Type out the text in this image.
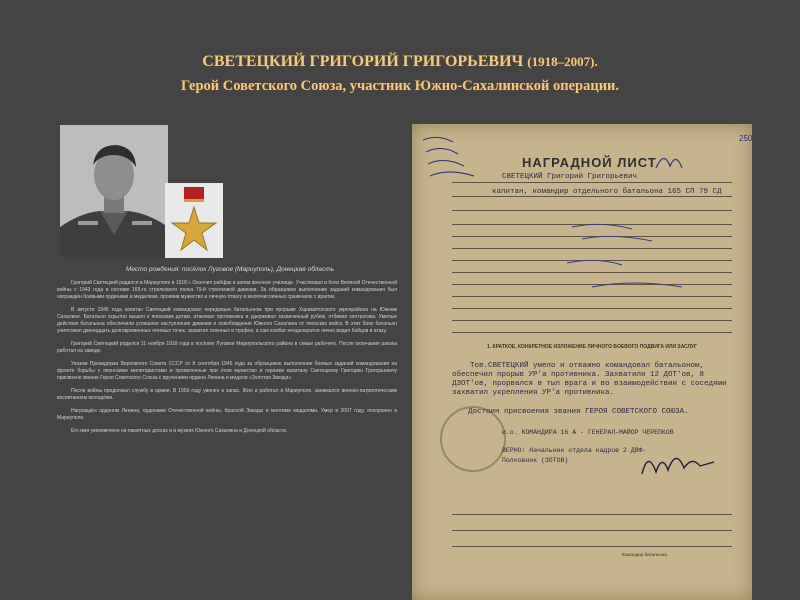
СВЕТЕЦКИЙ ГРИГОРИЙ ГРИГОРЬЕВИЧ (1918–2007).
Герой Советского Союза, участник Южно‑Сахалинской операции.
Место рождения: посёлок Луговое (Мариуполь), Донецкая область

Григорий Светецкий родился в Мариуполе в 1918 г. Окончил рабфак и затем военное училище. Участвовал в боях Великой Отечественной войны с 1943 года в составе 165-го стрелкового полка 79-й стрелковой дивизии. За образцовое выполнение заданий командования был награждён боевыми орденами и медалями, проявив мужество и личную отвагу в многочисленных сражениях с врагом.

В августе 1945 года капитан Светецкий командовал передовым батальоном при прорыве Харамитогского укрепрайона на Южном Сахалине. Батальон скрытно вышел к японским дотам, атаковал противника и удерживал захваченный рубеж, отбивая контратаки. Умелые действия батальона обеспечили успешное наступление дивизии и освобождение Южного Сахалина от японских войск. В этих боях батальон уничтожил двенадцать долговременных огневых точек, захватил пленных и трофеи, а сам комбат неоднократно лично водил бойцов в атаку.

Григорий Светецкий родился 11 ноября 1918 года в посёлке Луговое Мариупольского района в семье рабочего. После окончания школы работал на заводе.

Указом Президиума Верховного Совета СССР от 8 сентября 1945 года за образцовое выполнение боевых заданий командования на фронте борьбы с японскими милитаристами и проявленные при этом мужество и героизм капитану Светецкому Григорию Григорьевичу присвоено звание Героя Советского Союза с вручением ордена Ленина и медали «Золотая Звезда».

После войны продолжал службу в армии. В 1956 году уволен в запас. Жил и работал в Мариуполе, занимался военно-патриотическим воспитанием молодёжи.

Награждён орденом Ленина, орденами Отечественной войны, Красной Звезды и многими медалями. Умер в 2007 году, похоронен в Мариуполе.

Его имя увековечено на памятных досках и в музеях Южного Сахалина и Донецкой области.

250
НАГРАДНОЙ ЛИСТ
СВЕТЕЦКИЙ Григорий Григорьевич
капитан, командир отдельного батальона 165 СП 79 СД
1. КРАТКОЕ, КОНКРЕТНОЕ ИЗЛОЖЕНИЕ ЛИЧНОГО БОЕВОГО ПОДВИГА ИЛИ ЗАСЛУГ
Тов.СВЕТЕЦКИЙ умело и отважно командовал батальоном, обеспечил прорыв УР'а противника. Захватили 12 ДОТ'ов, 8 ДЗОТ'ов, прорвался в тыл врага и во взаимодействии с соседями захватил укрепления УР'а противника.
Достоин присвоения звания ГЕРОЯ СОВЕТСКОГО СОЮЗА.
и.о. КОМАНДИРА 16 А - ГЕНЕРАЛ-МАЙОР ЧЕРЕПКОВ
ВЕРНО: Начальник отдела кадров 2 ДВФ-
Полковник (ЗОТОВ)
Командир батальона
